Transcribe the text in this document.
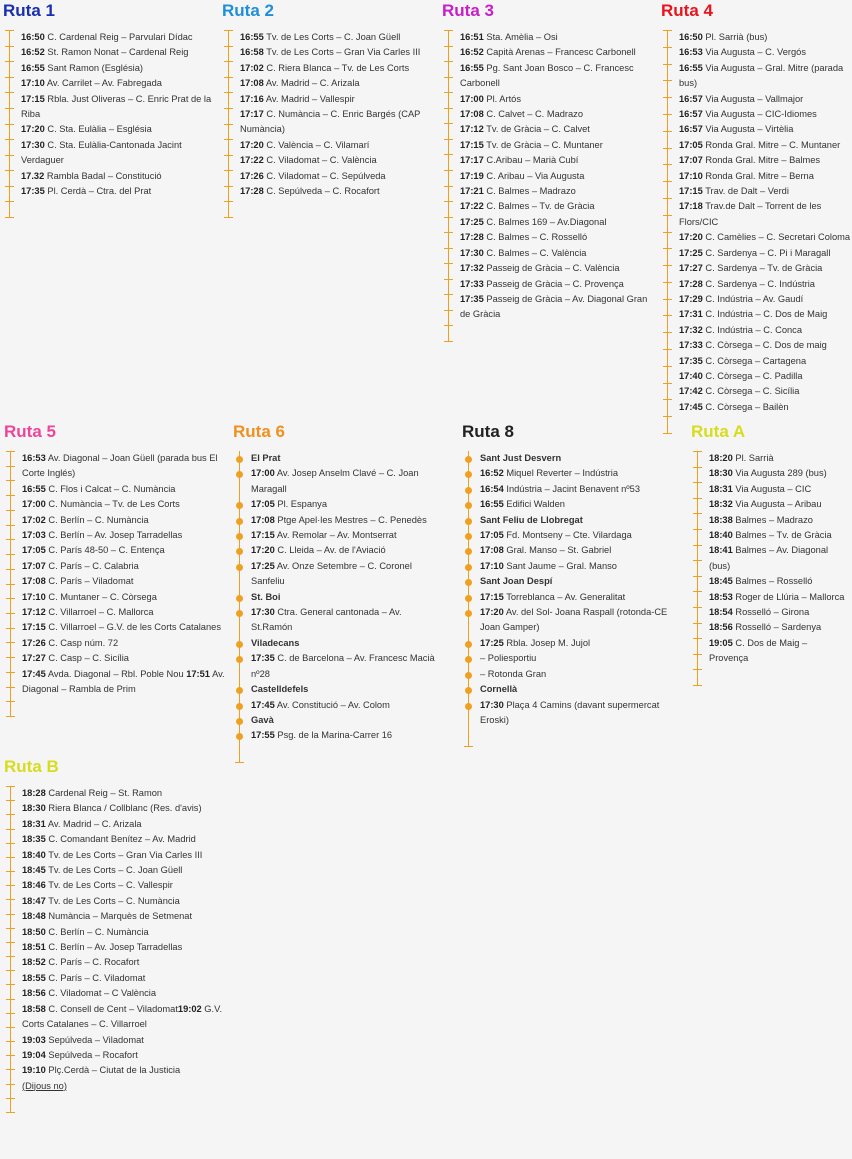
Ruta 1
16:50 C. Cardenal Reig – Parvulari Dídac
16:52 St. Ramon Nonat – Cardenal Reig
16:55 Sant Ramon (Església)
17:10 Av. Carrilet – Av. Fabregada
17:15 Rbla. Just Oliveras – C. Enric Prat de la Riba
17:20 C. Sta. Eulàlia – Església
17:30 C. Sta. Eulàlia-Cantonada Jacint Verdaguer
17.32 Rambla Badal – Constitució
17:35 Pl. Cerdà – Ctra. del Prat
Ruta 2
16:55 Tv. de Les Corts – C. Joan Güell
16:58 Tv. de Les Corts – Gran Via Carles III
17:02 C. Riera Blanca – Tv. de Les Corts
17:08 Av. Madrid – C. Arizala
17:16 Av. Madrid – Vallespir
17:17 C. Numància – C. Enric Bargés (CAP Numància)
17:20 C. València – C. Vilamarí
17:22 C. Viladomat – C. València
17:26 C. Viladomat – C. Sepúlveda
17:28 C. Sepúlveda – C. Rocafort
Ruta 3
16:51 Sta. Amèlia – Osi
16:52 Capità Arenas – Francesc Carbonell
16:55 Pg. Sant Joan Bosco – C. Francesc Carbonell
17:00 Pl. Artós
17:08 C. Calvet – C. Madrazo
17:12 Tv. de Gràcia – C. Calvet
17:15 Tv. de Gràcia – C. Muntaner
17:17 C.Aribau – Marià Cubí
17:19 C. Aribau – Via Augusta
17:21 C. Balmes – Madrazo
17:22 C. Balmes – Tv. de Gràcia
17:25 C. Balmes 169 – Av.Diagonal
17:28 C. Balmes – C. Rosselló
17:30 C. Balmes – C. València
17:32 Passeig de Gràcia – C. València
17:33 Passeig de Gràcia – C. Provença
17:35 Passeig de Gràcia – Av. Diagonal Gran de Gràcia
Ruta 4
16:50 Pl. Sarrià (bus)
16:53 Via Augusta – C. Vergós
16:55 Via Augusta – Gral. Mitre (parada bus)
16:57 Via Augusta – Vallmajor
16:57 Via Augusta – CIC-Idiomes
16:57 Via Augusta – Virtèlia
17:05 Ronda Gral. Mitre – C. Muntaner
17:07 Ronda Gral. Mitre – Balmes
17:10 Ronda Gral. Mitre – Berna
17:15 Trav. de Dalt – Verdi
17:18 Trav.de Dalt – Torrent de les Flors/CIC
17:20 C. Camèlies – C. Secretari Coloma
17:25 C. Sardenya – C. Pi i Maragall
17:27 C. Sardenya – Tv. de Gràcia
17:28 C. Sardenya – C. Indústria
17:29 C. Indústria – Av. Gaudí
17:31 C. Indústria – C. Dos de Maig
17:32 C. Indústria – C. Conca
17:33 C. Còrsega – C. Dos de maig
17:35 C. Còrsega – Cartagena
17:40 C. Còrsega – C. Padilla
17:42 C. Còrsega – C. Sicília
17:45 C. Còrsega – Bailèn
Ruta 5
16:53 Av. Diagonal – Joan Güell (parada bus El Corte Inglés)
16:55 C. Flos i Calcat – C. Numància
17:00 C. Numància – Tv. de Les Corts
17:02 C. Berlín – C. Numància
17:03 C. Berlín – Av. Josep Tarradellas
17:05 C. París 48-50 – C. Entença
17:07 C. París – C. Calabria
17:08 C. París – Viladomat
17:10 C. Muntaner – C. Còrsega
17:12 C. Villarroel – C. Mallorca
17:15 C. Villarroel – G.V. de les Corts Catalanes
17:26 C. Casp núm. 72
17:27 C. Casp – C. Sicília
17:45 Avda. Diagonal – Rbl. Poble Nou 17:51 Av. Diagonal – Rambla de Prim
Ruta 6
El Prat
17:00 Av. Josep Anselm Clavé – C. Joan Maragall
17:05 Pl. Espanya
17:08 Ptge Apel·les Mestres – C. Penedès
17:15 Av. Remolar – Av. Montserrat
17:20 C. Lleida – Av. de l'Aviació
17:25 Av. Onze Setembre – C. Coronel Sanfeliu
St. Boi
17:30 Ctra. General cantonada – Av. St.Ramón
Viladecans
17:35 C. de Barcelona – Av. Francesc Macià nº28
Castelldefels
17:45 Av. Constitució – Av. Colom
Gavà
17:55 Psg. de la Marina-Carrer 16
Ruta 8
Sant Just Desvern
16:52 Miquel Reverter – Indústria
16:54 Indústria – Jacint Benavent nº53
16:55 Edifici Walden
Sant Feliu de Llobregat
17:05 Fd. Montseny – Cte. Vilardaga
17:08 Gral. Manso – St. Gabriel
17:10 Sant Jaume – Gral. Manso
Sant Joan Despí
17:15 Torreblanca – Av. Generalitat
17:20 Av. del Sol- Joana Raspall (rotonda-CE Joan Gamper)
17:25 Rbla. Josep M. Jujol
– Poliesportiu
– Rotonda Gran
Cornellà
17:30 Plaça 4 Camins (davant supermercat Eroski)
Ruta A
18:20 Pl. Sarrià
18:30 Via Augusta 289 (bus)
18:31 Via Augusta – CIC
18:32 Via Augusta – Aribau
18:38 Balmes – Madrazo
18:40 Balmes – Tv. de Gràcia
18:41 Balmes – Av. Diagonal (bus)
18:45 Balmes – Rosselló
18:53 Roger de Llúria – Mallorca
18:54 Rosselló – Girona
18:56 Rosselló – Sardenya
19:05 C. Dos de Maig – Provença
Ruta B
18:28 Cardenal Reig – St. Ramon
18:30 Riera Blanca / Collblanc (Res. d'avis)
18:31 Av. Madrid – C. Arizala
18:35 C. Comandant Benítez – Av. Madrid
18:40 Tv. de Les Corts – Gran Via Carles III
18:45 Tv. de Les Corts – C. Joan Güell
18:46 Tv. de Les Corts – C. Vallespir
18:47 Tv. de Les Corts – C. Numància
18:48 Numància – Marquès de Setmenat
18:50 C. Berlín – C. Numància
18:51 C. Berlín – Av. Josep Tarradellas
18:52 C. París – C. Rocafort
18:55 C. París – C. Viladomat
18:56 C. Viladomat – C València
18:58 C. Consell de Cent – Viladomat19:02 G.V. Corts Catalanes – C. Villarroel
19:03 Sepúlveda – Viladomat
19:04 Sepúlveda – Rocafort
19:10 Plç.Cerdà – Ciutat de la Justicia
(Dijous no)
